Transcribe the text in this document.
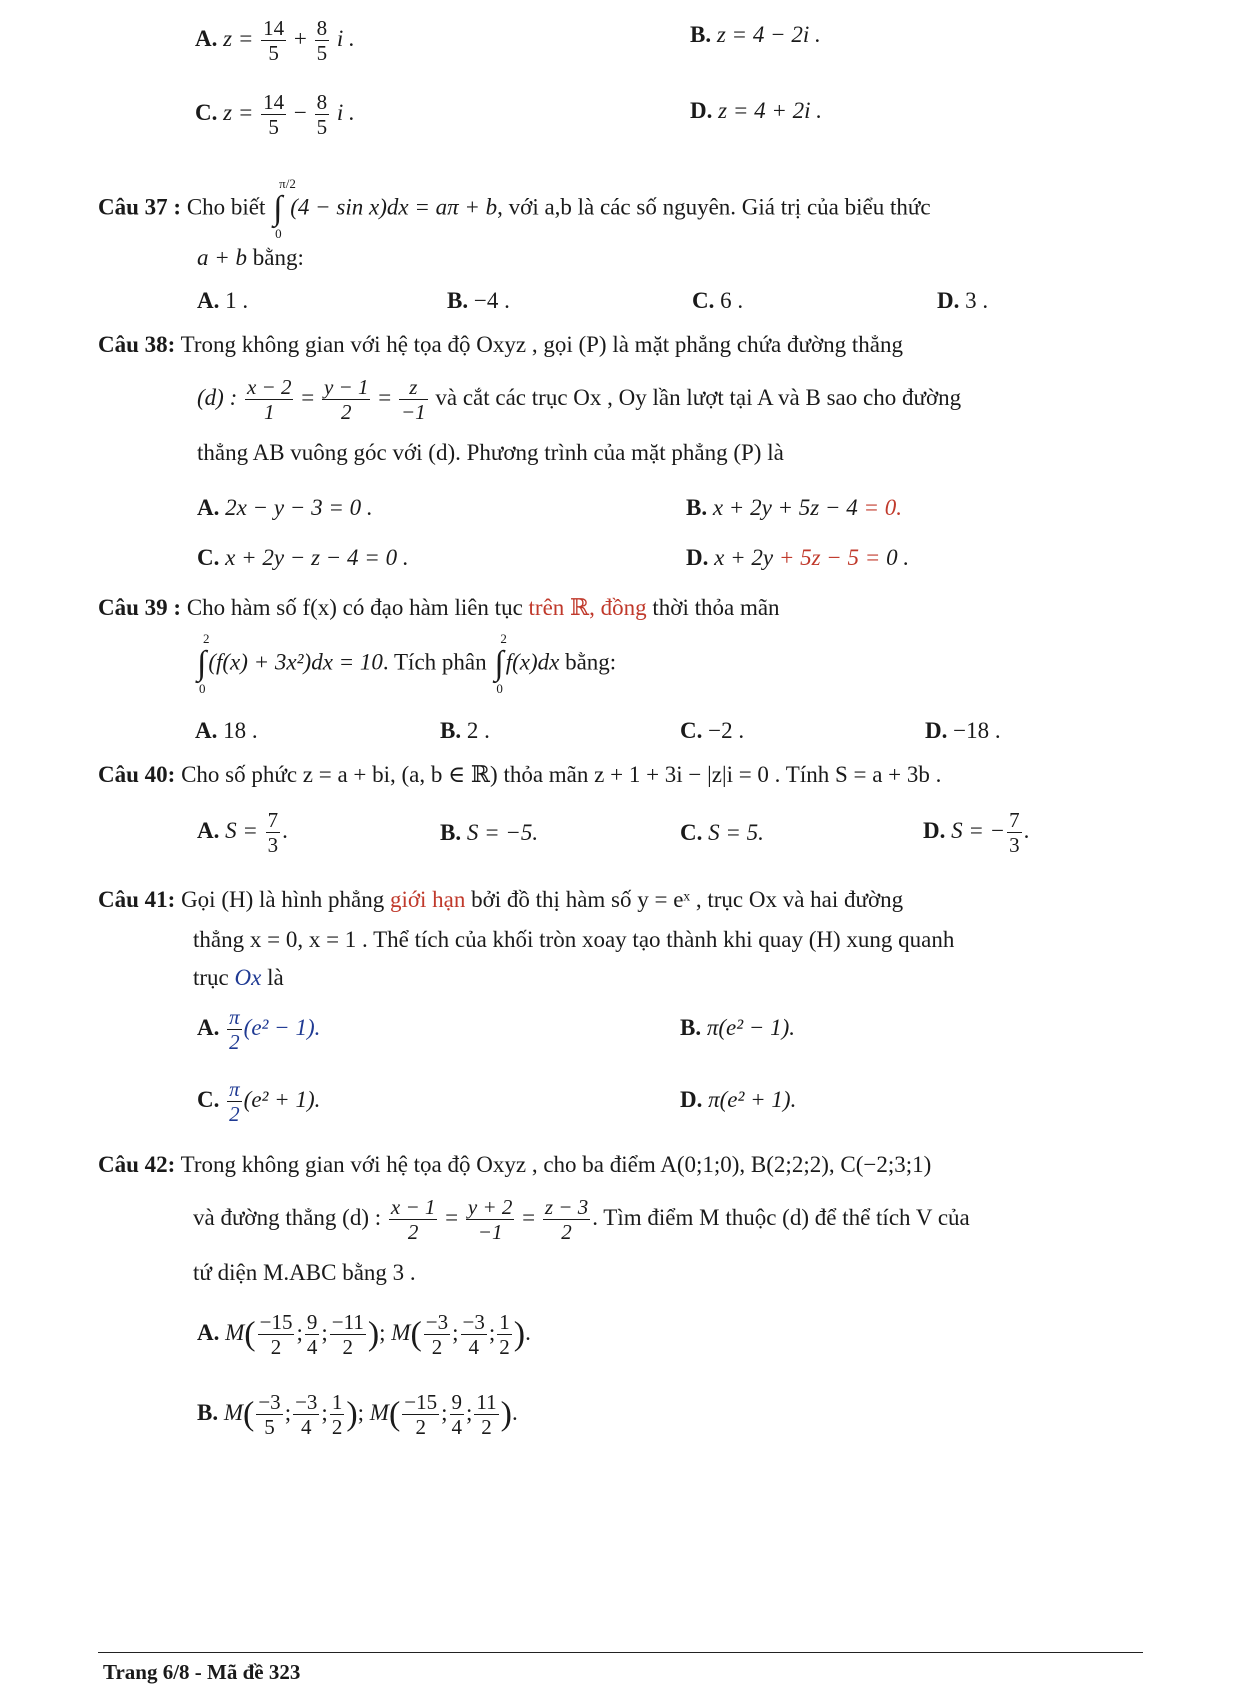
A. $z = \frac{14}{5} + \frac{8}{5}$ i .	B. z = 4 − 2i .
C. $z = \frac{14}{5} - \frac{8}{5}$ i .	D. z = 4 + 2i .
Câu 37 : Cho biết ∫
π/2
0
(4 − sin x)dx = aπ + b, với a,b là các số nguyên. Giá trị của biểu thức
a + b bằng:
A. 1 .	B. −4 .	C. 6 .	D. 3 .
Câu 38: Trong không gian với hệ tọa độ Oxyz , gọi (P) là mặt phẳng chứa đường thẳng
(d) : $\frac{x - 2}{1} = \frac{y - 1}{2} = \frac{z}{-1}$ và cắt các trục Ox , Oy lần lượt tại A và B sao cho đường
thẳng AB vuông góc với (d). Phương trình của mặt phẳng (P) là
A. 2x − y − 3 = 0 .	B. x + 2y + 5z − 4 = 0.
C. x + 2y − z − 4 = 0 .	D. x + 2y + 5z − 5 = 0 .
Câu 39 : Cho hàm số f(x) có đạo hàm liên tục trên ℝ, đồng thời thỏa mãn
∫
2
0
(f(x) + 3x²)dx = 10. Tích phân ∫
2
0
f(x)dx bằng:
A. 18 .	B. 2 .	C. −2 .	D. −18 .
Câu 40: Cho số phức z = a + bi, (a, b ∈ ℝ) thỏa mãn z + 1 + 3i − |z|i = 0 . Tính S = a + 3b .
A. $S = \frac{7}{3}$ .	B. S = −5.	C. S = 5.	D. S = − $\frac{7}{3}$ .
Câu 41: Gọi (H) là hình phẳng giới hạn bởi đồ thị hàm số y = eˣ , trục Ox và hai đường
thẳng x = 0, x = 1 . Thể tích của khối tròn xoay tạo thành khi quay (H) xung quanh
trục Ox là
A. $\frac{\pi}{2} (e^2 - 1)$.	B. π(e² − 1).
C. $\frac{\pi}{2} (e^2 + 1)$.	D. π(e² + 1).
Câu 42: Trong không gian với hệ tọa độ Oxyz , cho ba điểm A(0;1;0), B(2;2;2), C(−2;3;1)
và đường thẳng (d) : $\frac{x - 1}{2} = \frac{y + 2}{-1} = \frac{z - 3}{2}$ . Tìm điểm M thuộc (d) để thể tích V của
tứ diện M.ABC bằng 3 .
A. $M( \frac{-15}{2}$ ; $\frac{9}{4}$ ; $\frac{-11}{2}$ ); $M( \frac{-3}{2}$ ; $\frac{-3}{4}$ ; $\frac{1}{2}$ ).
B. $M( \frac{-3}{5}$ ; $\frac{-3}{4}$ ; $\frac{1}{2}$ ); $M( \frac{-15}{2}$ ; $\frac{9}{4}$ ; $\frac{11}{2}$ ).
Trang 6/8 - Mã đề 323
